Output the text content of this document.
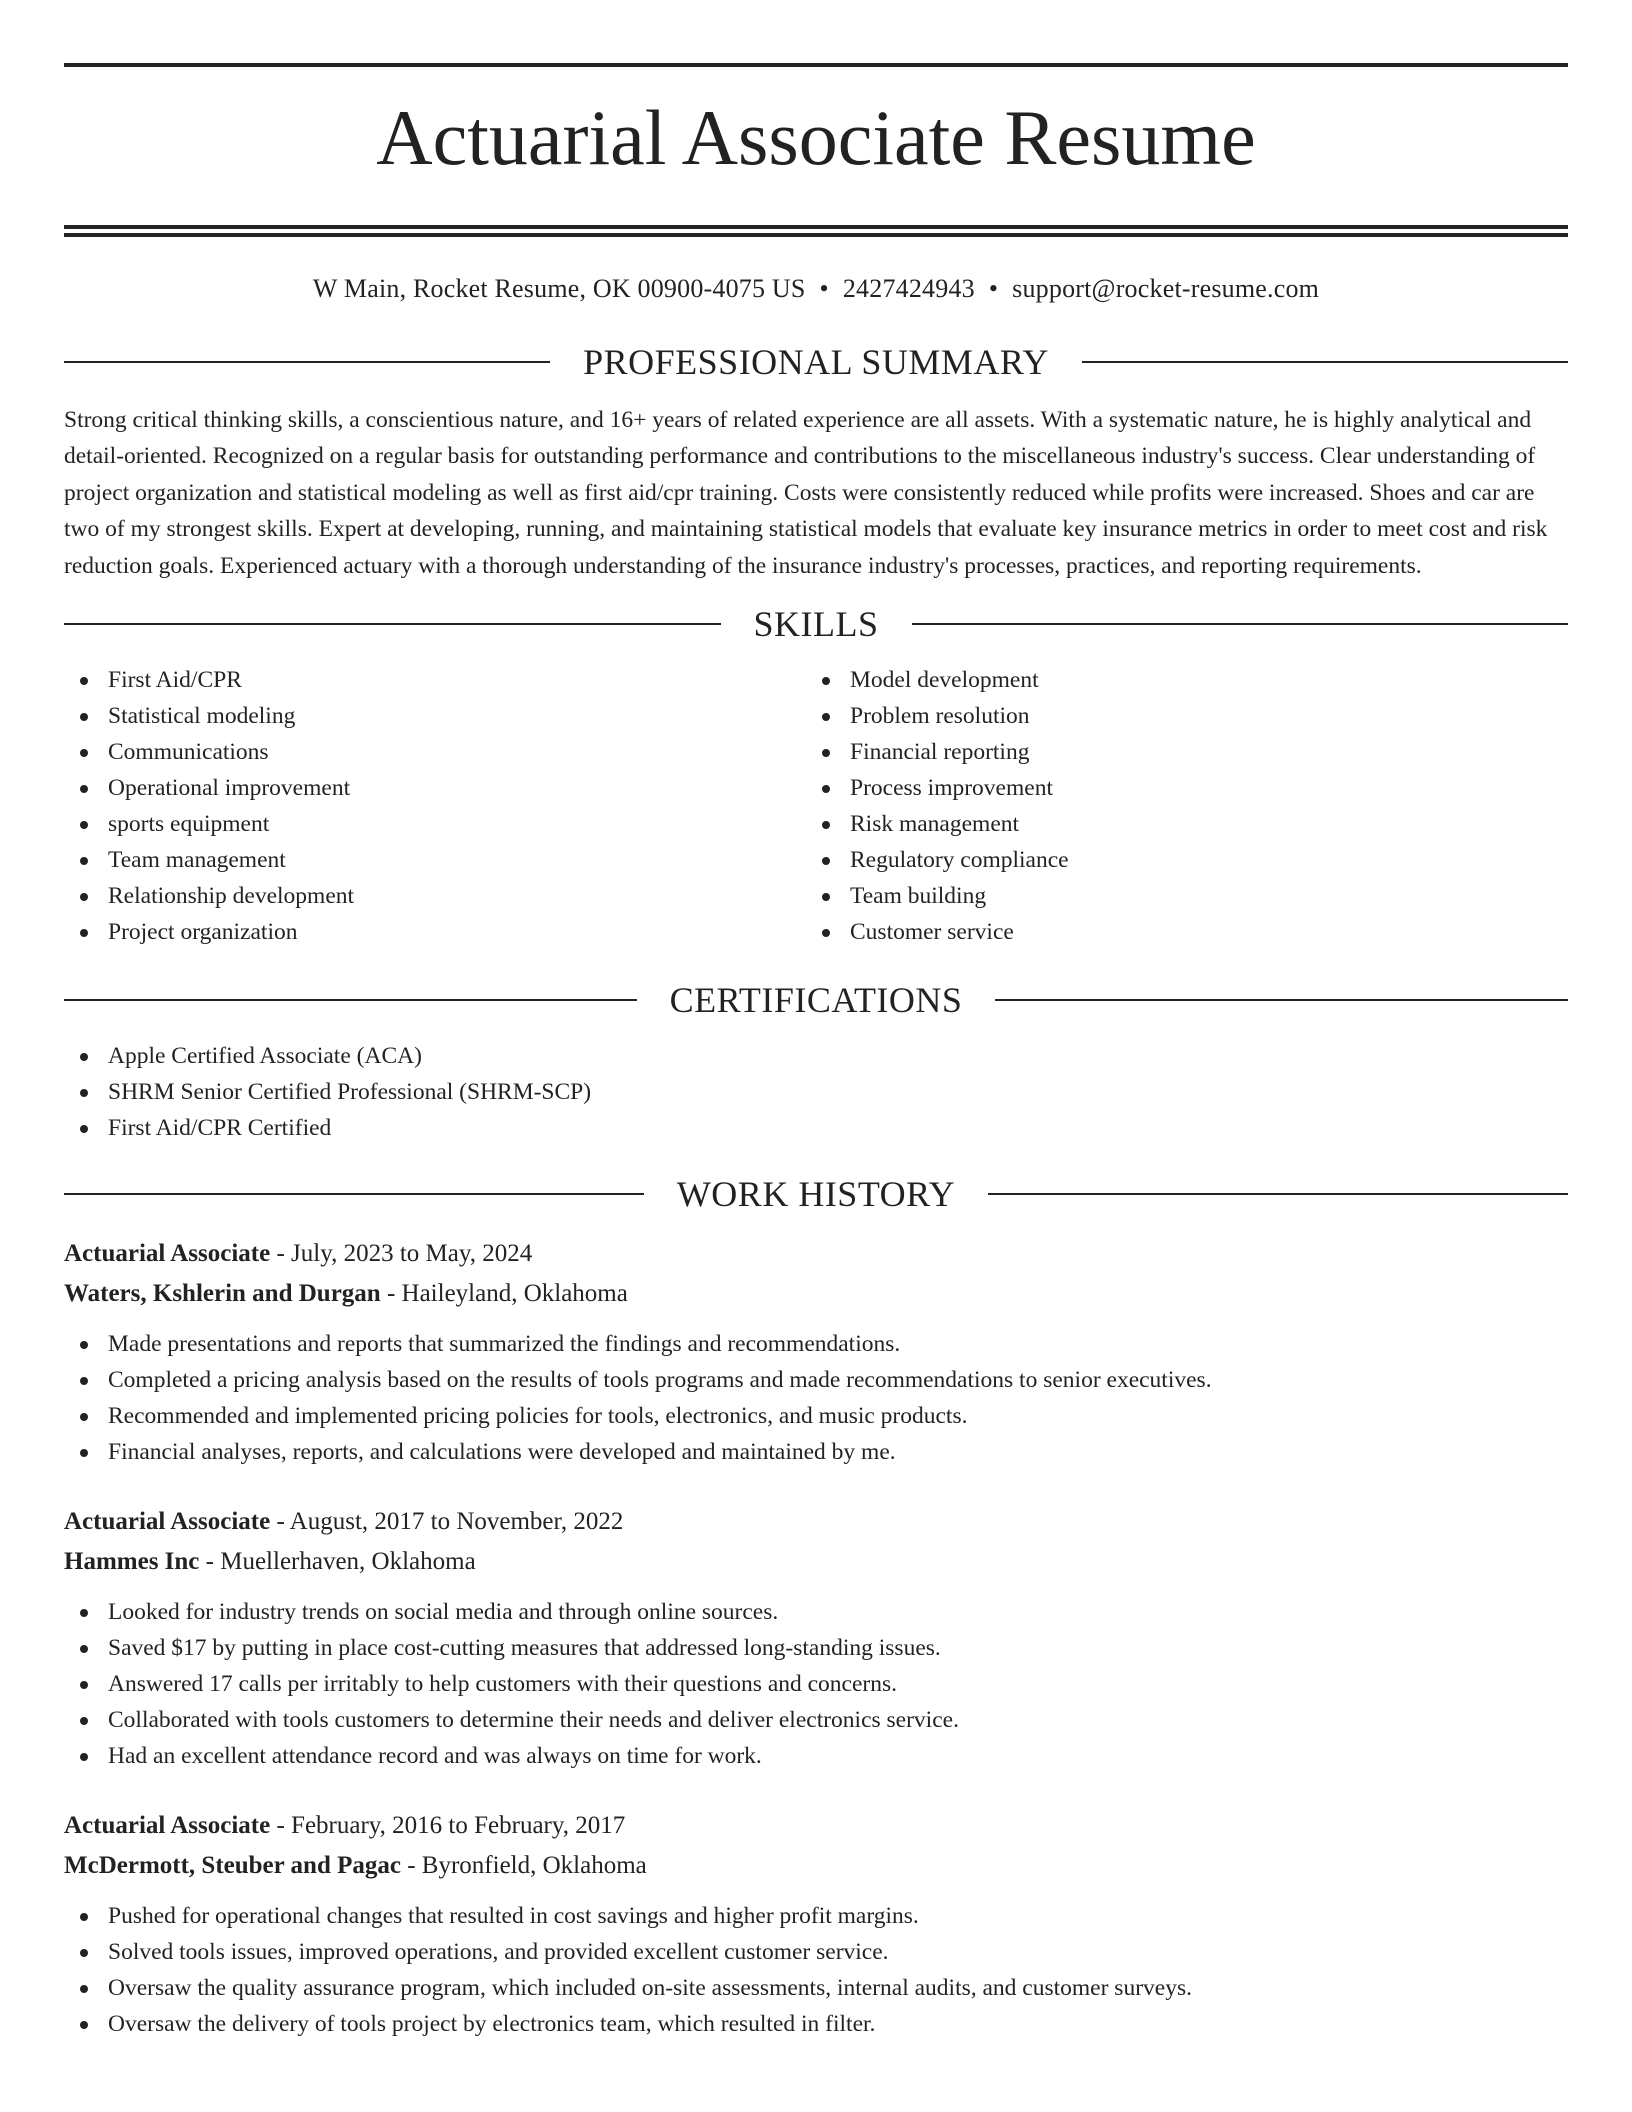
Actuarial Associate Resume
W Main, Rocket Resume, OK 00900-4075 US • 2427424943 • support@rocket-resume.com
PROFESSIONAL SUMMARY

Strong critical thinking skills, a conscientious nature, and 16+ years of related experience are all assets. With a systematic nature, he is highly analytical and detail-oriented. Recognized on a regular basis for outstanding performance and contributions to the miscellaneous industry's success. Clear understanding of project organization and statistical modeling as well as first aid/cpr training. Costs were consistently reduced while profits were increased. Shoes and car are two of my strongest skills. Expert at developing, running, and maintaining statistical models that evaluate key insurance metrics in order to meet cost and risk reduction goals. Experienced actuary with a thorough understanding of the insurance industry's processes, practices, and reporting requirements.

SKILLS
First Aid/CPR
Statistical modeling
Communications
Operational improvement
sports equipment
Team management
Relationship development
Project organization
Model development
Problem resolution
Financial reporting
Process improvement
Risk management
Regulatory compliance
Team building
Customer service
CERTIFICATIONS
Apple Certified Associate (ACA)
SHRM Senior Certified Professional (SHRM-SCP)
First Aid/CPR Certified
WORK HISTORY
Actuarial Associate - July, 2023 to May, 2024
Waters, Kshlerin and Durgan - Haileyland, Oklahoma
Made presentations and reports that summarized the findings and recommendations.
Completed a pricing analysis based on the results of tools programs and made recommendations to senior executives.
Recommended and implemented pricing policies for tools, electronics, and music products.
Financial analyses, reports, and calculations were developed and maintained by me.
Actuarial Associate - August, 2017 to November, 2022
Hammes Inc - Muellerhaven, Oklahoma
Looked for industry trends on social media and through online sources.
Saved $17 by putting in place cost-cutting measures that addressed long-standing issues.
Answered 17 calls per irritably to help customers with their questions and concerns.
Collaborated with tools customers to determine their needs and deliver electronics service.
Had an excellent attendance record and was always on time for work.
Actuarial Associate - February, 2016 to February, 2017
McDermott, Steuber and Pagac - Byronfield, Oklahoma
Pushed for operational changes that resulted in cost savings and higher profit margins.
Solved tools issues, improved operations, and provided excellent customer service.
Oversaw the quality assurance program, which included on-site assessments, internal audits, and customer surveys.
Oversaw the delivery of tools project by electronics team, which resulted in filter.
